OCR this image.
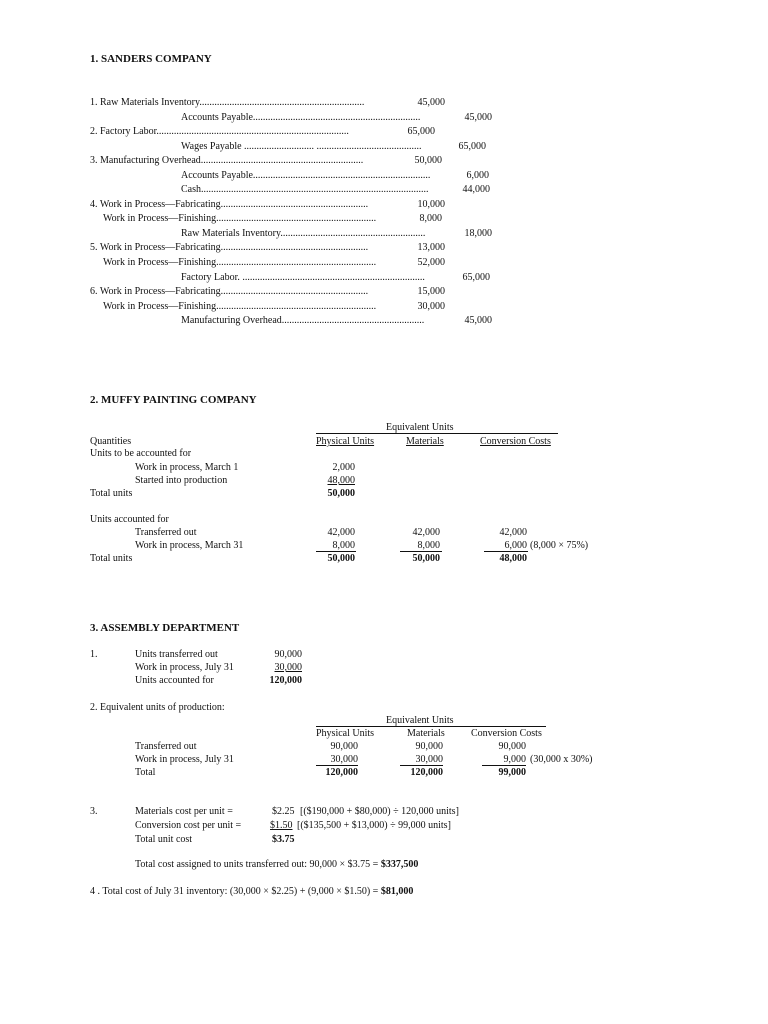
1. SANDERS COMPANY
1. Raw Materials Inventory..................................................................	45,000
Accounts Payable...................................................................	45,000
2. Factory Labor.............................................................................	65,000
Wages Payable ............................ ..........................................	65,000
3. Manufacturing Overhead.................................................................	50,000
Accounts Payable.......................................................................	6,000
Cash...........................................................................................	44,000
4. Work in Process—Fabricating...........................................................	10,000
Work in Process—Finishing................................................................	8,000
Raw Materials Inventory..........................................................	18,000
5. Work in Process—Fabricating...........................................................	13,000
Work in Process—Finishing................................................................	52,000
Factory Labor. .........................................................................	65,000
6. Work in Process—Fabricating...........................................................	15,000
Work in Process—Finishing................................................................	30,000
Manufacturing Overhead.........................................................	45,000
2. MUFFY PAINTING COMPANY
Equivalent Units
Quantities	Physical Units	Materials	Conversion Costs
Units to be accounted for
Work in process, March 1	2,000
Started into production	48,000
Total units	50,000
Units accounted for
Transferred out	42,000	42,000	42,000
Work in process, March 31	8,000	8,000	6,000 (8,000 × 75%)
Total units	50,000	50,000	48,000
3. ASSEMBLY DEPARTMENT
1.	Units transferred out	90,000
Work in process, July 31	30,000
Units accounted for	120,000
2. Equivalent units of production:
Equivalent Units
Physical Units	Materials	Conversion Costs
Transferred out	90,000	90,000	90,000
Work in process, July 31	30,000	30,000	9,000 (30,000 x 30%)
Total	120,000	120,000	99,000
3.	Materials cost per unit =	$2.25 [($190,000 + $80,000) ÷ 120,000 units]
Conversion cost per unit =	$1.50 [($135,500 + $13,000) ÷ 99,000 units]
Total unit cost	$3.75
Total cost assigned to units transferred out: 90,000 × $3.75 = $337,500
4 . Total cost of July 31 inventory: (30,000 × $2.25) + (9,000 × $1.50) = $81,000
